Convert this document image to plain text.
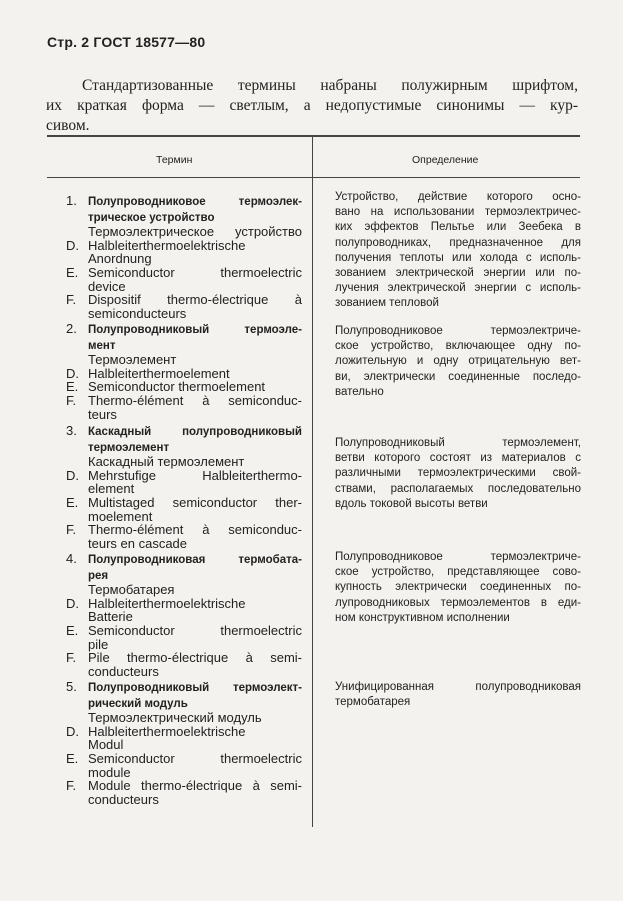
Стр. 2 ГОСТ 18577—80
Стандартизованные термины набраны полужирным шрифтом,
их краткая форма — светлым, а недопустимые синонимы — кур-
сивом.
Термин	Определение
1. Полупроводниковое термоэлек-
трическое устройство
Термоэлектрическое устройство
D. Halbleiterthermoelektrische
Anordnung
E. Semiconductor thermoelectric
device
F. Dispositif thermo-électrique à
semiconducteurs

Устройство, действие которого осно-

вано на использовании термоэлектричес-

ких эффектов Пельтье или Зеебека в

полупроводниках, предназначенное для

получения теплоты или холода с исполь-

зованием электрической энергии или по-

лучения электрической энергии с исполь-

зованием тепловой

2. Полупроводниковый термоэле-
мент
Термоэлемент
D. Halbleiterthermoelement
E. Semiconductor thermoelement
F. Thermo-élément à semiconduc-
teurs

Полупроводниковое термоэлектриче-

ское устройство, включающее одну по-

ложительную и одну отрицательную вет-

ви, электрически соединенные последо-

вательно

3. Каскадный полупроводниковый
термоэлемент
Каскадный термоэлемент
D. Mehrstufige Halbleiterthermo-
element
E. Multistaged semiconductor ther-
moelement
F. Thermo-élément à semiconduc-
teurs en cascade

Полупроводниковый термоэлемент,

ветви которого состоят из материалов с

различными термоэлектрическими свой-

ствами, располагаемых последовательно

вдоль токовой высоты ветви

4. Полупроводниковая термобата-
рея
Термобатарея
D. Halbleiterthermoelektrische
Batterie
E. Semiconductor thermoelectric
pile
F. Pile thermo-électrique à semi-
conducteurs

Полупроводниковое термоэлектриче-

ское устройство, представляющее сово-

купность электрически соединенных по-

лупроводниковых термоэлементов в еди-

ном конструктивном исполнении

5. Полупроводниковый термоэлект-
рический модуль
Термоэлектрический модуль
D. Halbleiterthermoelektrische
Modul
E. Semiconductor thermoelectric
module
F. Module thermo-électrique à semi-
conducteurs

Унифицированная полупроводниковая

термобатарея
